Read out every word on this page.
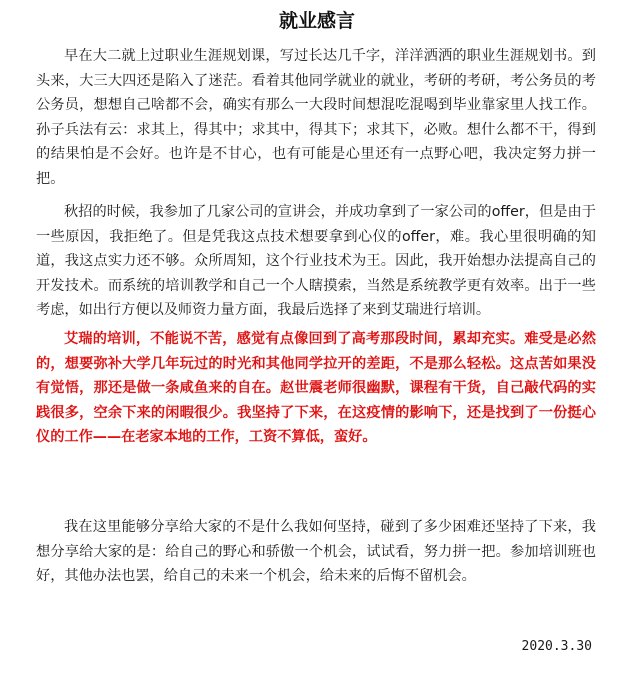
就业感言

早在大二就上过职业生涯规划课，写过长达几千字，洋洋洒洒的职业生涯规划书。到头来，大三大四还是陷入了迷茫。看着其他同学就业的就业，考研的考研，考公务员的考公务员，想想自己啥都不会，确实有那么一大段时间想混吃混喝到毕业靠家里人找工作。孙子兵法有云：求其上，得其中；求其中，得其下；求其下，必败。想什么都不干，得到的结果怕是不会好。也许是不甘心，也有可能是心里还有一点野心吧，我决定努力拼一把。

秋招的时候，我参加了几家公司的宣讲会，并成功拿到了一家公司的offer，但是由于一些原因，我拒绝了。但是凭我这点技术想要拿到心仪的offer，难。我心里很明确的知道，我这点实力还不够。众所周知，这个行业技术为王。因此，我开始想办法提高自己的开发技术。而系统的培训教学和自己一个人瞎摸索，当然是系统教学更有效率。出于一些考虑，如出行方便以及师资力量方面，我最后选择了来到艾瑞进行培训。

艾瑞的培训，不能说不苦，感觉有点像回到了高考那段时间，累却充实。难受是必然的，想要弥补大学几年玩过的时光和其他同学拉开的差距，不是那么轻松。这点苦如果没有觉悟，那还是做一条咸鱼来的自在。赵世震老师很幽默，课程有干货，自己敲代码的实践很多，空余下来的闲暇很少。我坚持了下来，在这疫情的影响下，还是找到了一份挺心仪的工作——在老家本地的工作，工资不算低，蛮好。

我在这里能够分享给大家的不是什么我如何坚持，碰到了多少困难还坚持了下来，我想分享给大家的是：给自己的野心和骄傲一个机会，试试看，努力拼一把。参加培训班也好，其他办法也罢，给自己的未来一个机会，给未来的后悔不留机会。

2020.3.30
